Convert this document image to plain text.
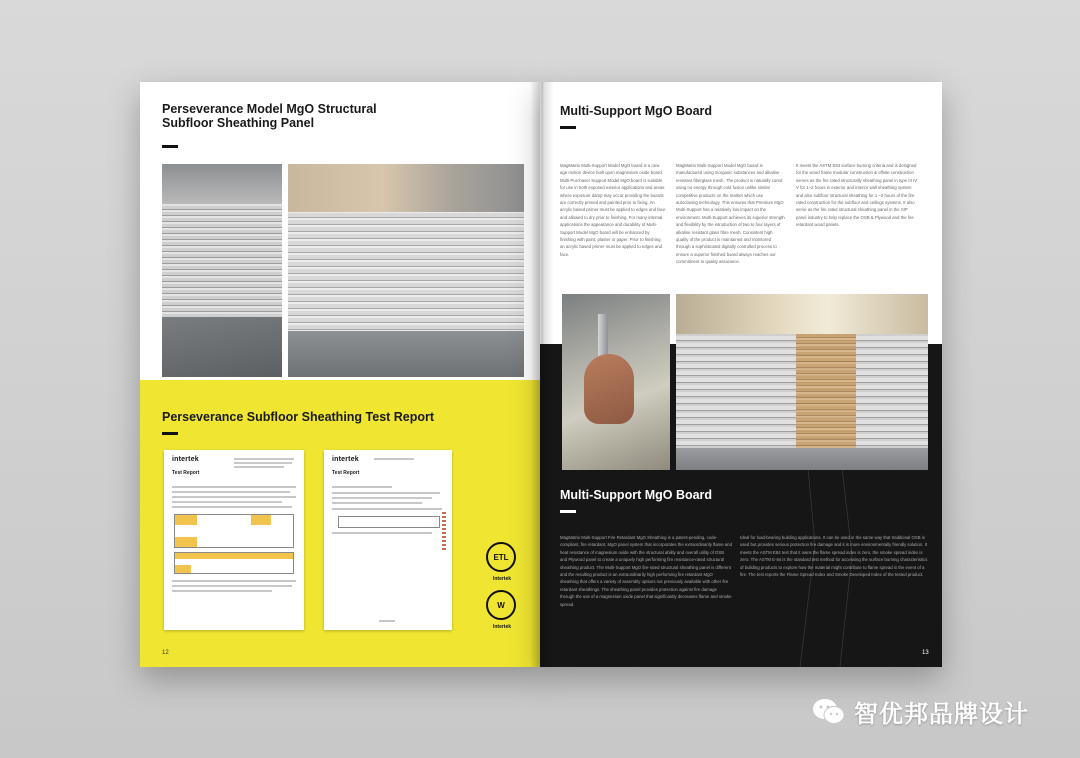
Perseverance Model MgO Structural
Subfloor Sheathing Panel
Perseverance Subfloor Sheathing Test Report
intertek
Test Report
intertek
Test Report
ETL
Intertek
W
Intertek
12
Multi-Support MgO Board
MagMatrix Multi-Support Model MgO board is a new age motion device built upon magnesium oxide board. Multi-Purchaser Support Model MgO board is suitable for use in both exposed exterior applications and areas where exposure damp may occur providing the boards are correctly primed and painted prior to fixing. An acrylic based primer must be applied to edges and face and allowed to dry prior to finishing. For many internal applications the appearance and durability of Multi-Support Model MgO board will be enhanced by finishing with paint, plaster or paper. Prior to finishing an acrylic based primer must be applied to edges and face.
MagMatrix Multi-Support Model MgO board is manufactured using inorganic substances and alkaline resistant fiberglass mesh. The product is naturally cured using no energy through cold fusion unlike similar competitive products on the market which use autoclaving technology. This ensures that Premium MgO Multi-Support has a relatively low impact on the environment. Multi-Support achieves its superior strength and flexibility by the introduction of two to four layers of alkaline resistant glass fibre mesh. Consistent high quality of the product is maintained and monitored through a sophisticated digitally controlled process to ensure a superior finished board always reaches our commitment to quality assurance.
It meets the ASTM E84 surface burning criteria and is designed for the wood frame modular construction & offsite construction serves as the fire rated structurally sheathing panel in type III IV V for 1~2 hours in exterior and interior wall sheathing system and also subfloor structural sheathing for 1 ~2 hours of the fire rated construction for the subfloor and ceilings systems. It also serve as the fire rated structural sheathing panel in the SIP panel industry to help replace the OSB & Plywood and the fire retardant wood panels.
Multi-Support MgO Board
MagMatrix Multi-Support Fire Retardant MgO Sheathing is a patent-pending, code-compliant, fire retardant, MgO panel system that incorporates the extraordinarily flame and heat resistance of magnesium oxide with the structural ability and overall utility of OSB and Plywood panel to create a uniquely high performing fire resistance-rated structural sheathing product. The Multi-Support MgO fire-rated structural sheathing panel is different and the resulting product is an extraordinarily high performing fire retardant MgO sheathing that offers a variety of assembly options not previously available with other fire retardant sheathings. The sheathing panel provides protection against fire damage through the use of a magnesium oxide panel that significantly decreases flame and smoke spread.
Ideal for load-bearing building applications. It can be used in the same way that traditional OSB is used but provides serious protection fire damage and it is more environmentally friendly solution. It meets the ASTM E84 test that it owns the flame spread index is zero, the smoke spread index is zero. The ASTM E-84 is the standard test method for accessing the surface burning characteristics of building products to explore how the material might contribute to flame spread in the event of a fire. The test reports the Flame Spread Index and Smoke Developed Index of the tested product.
13
智优邦品牌设计
